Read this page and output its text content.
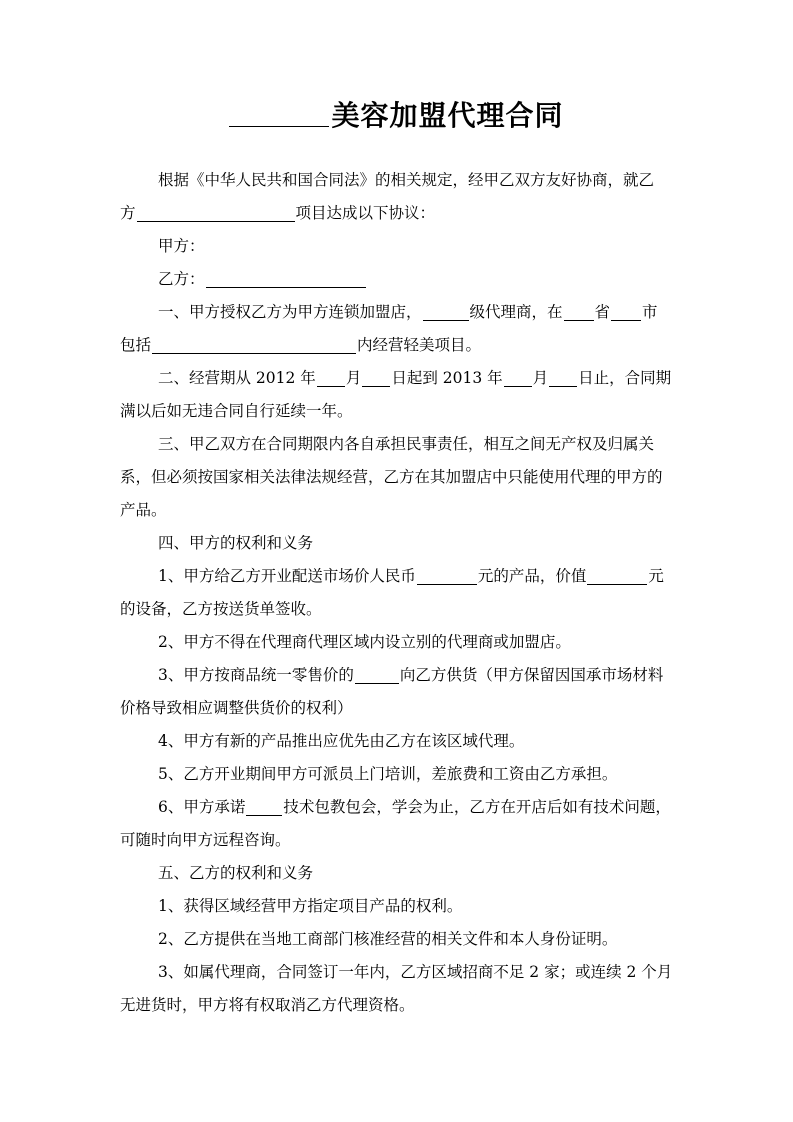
美容加盟代理合同
根据《中华人民共和国合同法》的相关规定，经甲乙双方友好协商，就乙
方	项目达成以下协议：
甲方：
乙方：
一、甲方授权乙方为甲方连锁加盟店，	级代理商，在 省 市
包括	内经营轻美项目。
二、经营期从 2012 年 月 日起到 2013 年 月 日止，合同期
满以后如无违合同自行延续一年。
三、甲乙双方在合同期限内各自承担民事责任，相互之间无产权及归属关
系，但必须按国家相关法律法规经营，乙方在其加盟店中只能使用代理的甲方的
产品。
四、甲方的权利和义务
1、甲方给乙方开业配送市场价人民币	元的产品，价值	元
的设备，乙方按送货单签收。
2、甲方不得在代理商代理区域内设立别的代理商或加盟店。
3、甲方按商品统一零售价的	向乙方供货（甲方保留因国承市场材料
价格导致相应调整供货价的权利）
4、甲方有新的产品推出应优先由乙方在该区域代理。
5、乙方开业期间甲方可派员上门培训，差旅费和工资由乙方承担。
6、甲方承诺 技术包教包会，学会为止，乙方在开店后如有技术问题，
可随时向甲方远程咨询。
五、乙方的权利和义务
1、获得区域经营甲方指定项目产品的权利。
2、乙方提供在当地工商部门核准经营的相关文件和本人身份证明。
3、如属代理商，合同签订一年内，乙方区域招商不足 2 家；或连续 2 个月
无进货时，甲方将有权取消乙方代理资格。
